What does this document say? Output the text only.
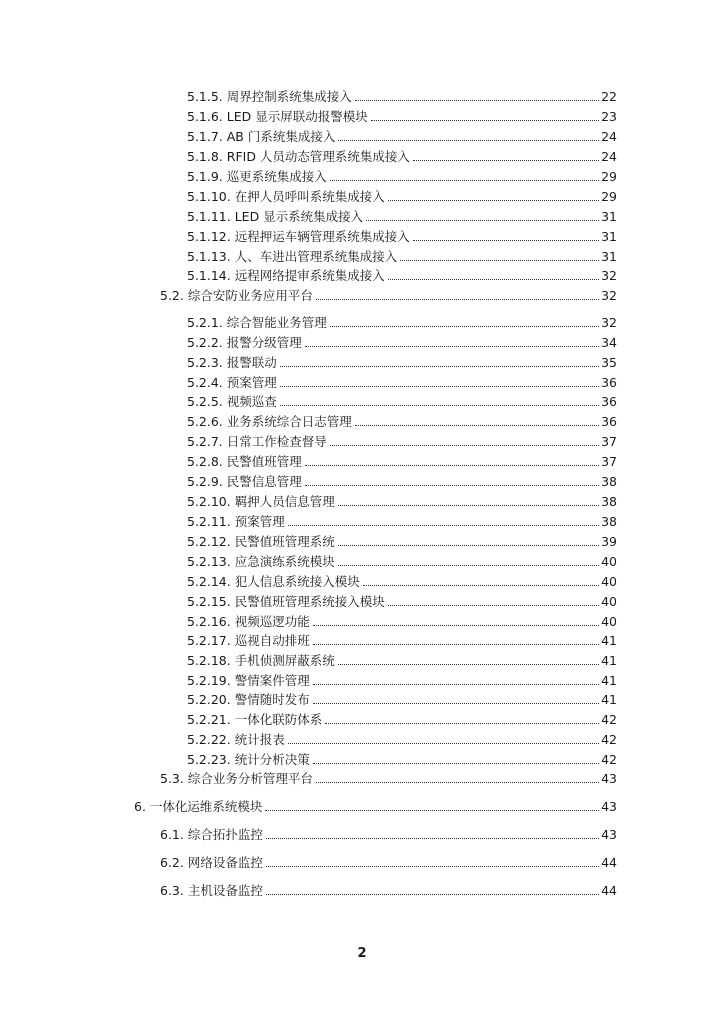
5.1.5. 周界控制系统集成接入	22
5.1.6. LED 显示屏联动报警模块	23
5.1.7. AB 门系统集成接入	24
5.1.8. RFID 人员动态管理系统集成接入	24
5.1.9. 巡更系统集成接入	29
5.1.10. 在押人员呼叫系统集成接入	29
5.1.11. LED 显示系统集成接入	31
5.1.12. 远程押运车辆管理系统集成接入	31
5.1.13. 人、车进出管理系统集成接入	31
5.1.14. 远程网络提审系统集成接入	32
5.2. 综合安防业务应用平台	32
5.2.1. 综合智能业务管理	32
5.2.2. 报警分级管理	34
5.2.3. 报警联动	35
5.2.4. 预案管理	36
5.2.5. 视频巡查	36
5.2.6. 业务系统综合日志管理	36
5.2.7. 日常工作检查督导	37
5.2.8. 民警值班管理	37
5.2.9. 民警信息管理	38
5.2.10. 羁押人员信息管理	38
5.2.11. 预案管理	38
5.2.12. 民警值班管理系统	39
5.2.13. 应急演练系统模块	40
5.2.14. 犯人信息系统接入模块	40
5.2.15. 民警值班管理系统接入模块	40
5.2.16. 视频巡逻功能	40
5.2.17. 巡视自动排班	41
5.2.18. 手机侦测屏蔽系统	41
5.2.19. 警情案件管理	41
5.2.20. 警情随时发布	41
5.2.21. 一体化联防体系	42
5.2.22. 统计报表	42
5.2.23. 统计分析决策	42
5.3. 综合业务分析管理平台	43
6. 一体化运维系统模块	43
6.1. 综合拓扑监控	43
6.2. 网络设备监控	44
6.3. 主机设备监控	44
2
